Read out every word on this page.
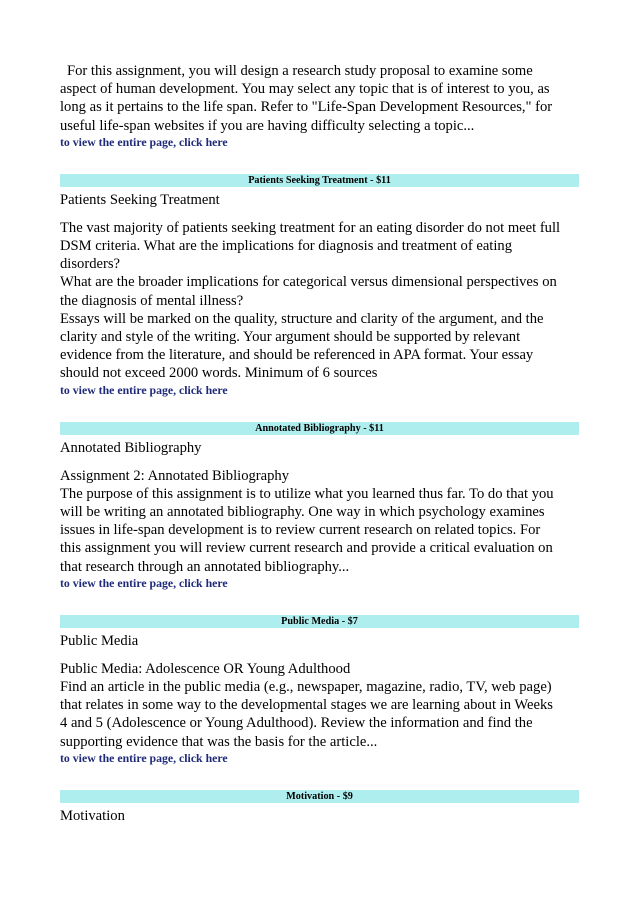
For this assignment, you will design a research study proposal to examine some
aspect of human development. You may select any topic that is of interest to you, as
long as it pertains to the life span. Refer to "Life-Span Development Resources," for
useful life-span websites if you are having difficulty selecting a topic...

to view the entire page, click here
Patients Seeking Treatment - $11
Patients Seeking Treatment
The vast majority of patients seeking treatment for an eating disorder do not meet full
DSM criteria. What are the implications for diagnosis and treatment of eating
disorders?
What are the broader implications for categorical versus dimensional perspectives on
the diagnosis of mental illness?
Essays will be marked on the quality, structure and clarity of the argument, and the
clarity and style of the writing. Your argument should be supported by relevant
evidence from the literature, and should be referenced in APA format. Your essay
should not exceed 2000 words. Minimum of 6 sources
to view the entire page, click here
Annotated Bibliography - $11
Annotated Bibliography
Assignment 2: Annotated Bibliography
The purpose of this assignment is to utilize what you learned thus far. To do that you
will be writing an annotated bibliography. One way in which psychology examines
issues in life-span development is to review current research on related topics. For
this assignment you will review current research and provide a critical evaluation on
that research through an annotated bibliography...
to view the entire page, click here
Public Media - $7
Public Media
Public Media: Adolescence OR Young Adulthood
Find an article in the public media (e.g., newspaper, magazine, radio, TV, web page)
that relates in some way to the developmental stages we are learning about in Weeks
4 and 5 (Adolescence or Young Adulthood). Review the information and find the
supporting evidence that was the basis for the article...
to view the entire page, click here
Motivation - $9
Motivation
